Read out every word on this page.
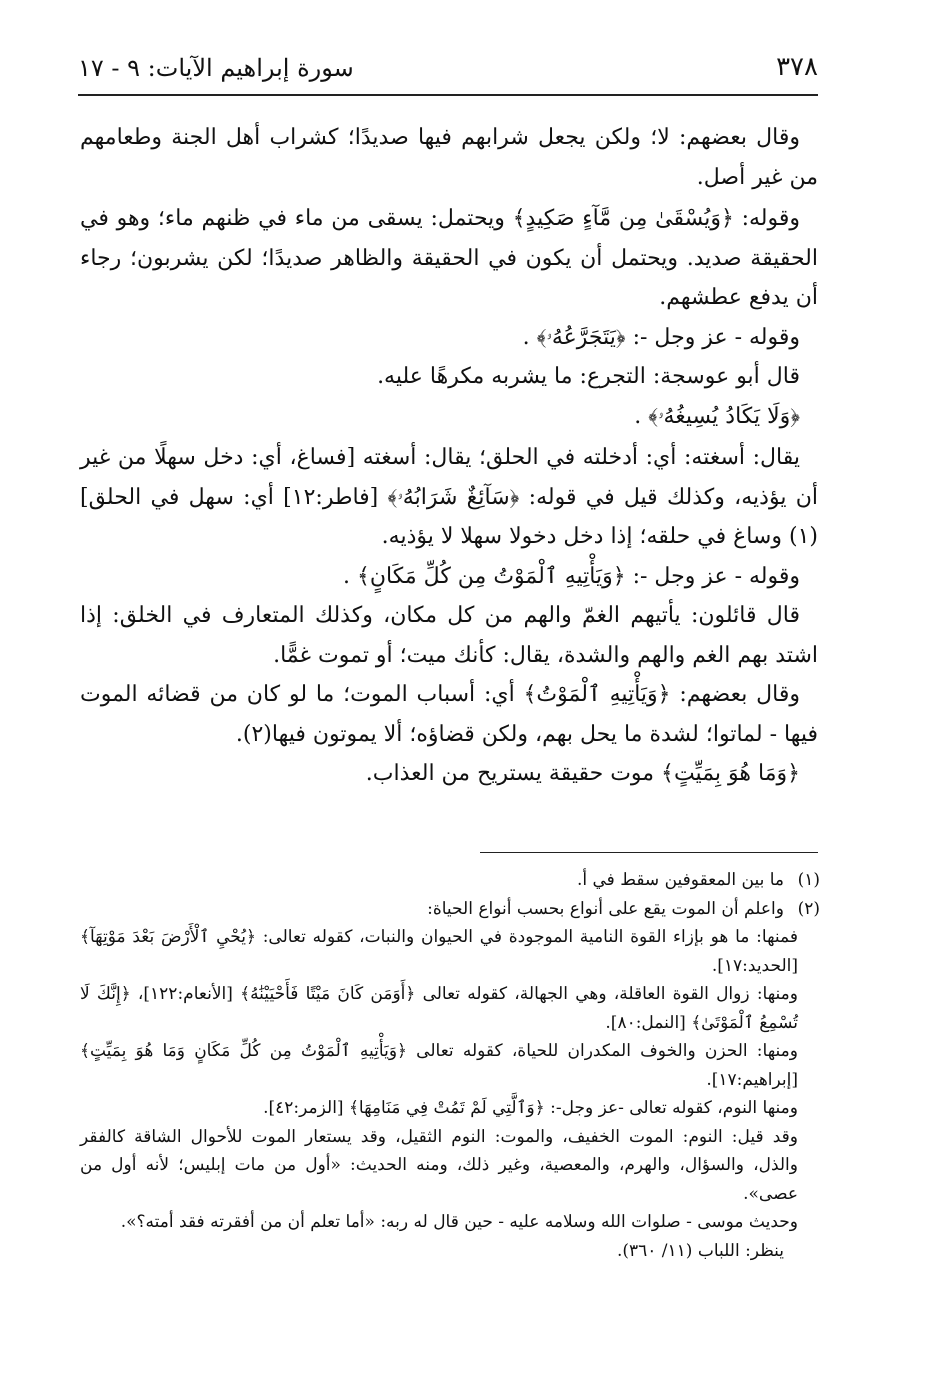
٣٧٨
سورة إبراهيم الآيات: ٩ - ١٧

وقال بعضهم: لا؛ ولكن يجعل شرابهم فيها صديدًا؛ كشراب أهل الجنة وطعامهم من غير أصل.

وقوله: ﴿وَيُسْقَىٰ مِن مَّآءٍ صَكِيدٍ﴾ ويحتمل: يسقى من ماء في ظنهم ماء؛ وهو في الحقيقة صديد. ويحتمل أن يكون في الحقيقة والظاهر صديدًا؛ لكن يشربون؛ رجاء أن يدفع عطشهم.

وقوله - عز وجل -: ﴿يَتَجَرَّعُهُۥ﴾ .

قال أبو عوسجة: التجرع: ما يشربه مكرهًا عليه.

﴿وَلَا يَكَادُ يُسِيغُهُۥ﴾ .

يقال: أسغته: أي: أدخلته في الحلق؛ يقال: أسغته [فساغ، أي: دخل سهلًا من غير أن يؤذيه، وكذلك قيل في قوله: ﴿سَآئِغٌ شَرَابُهُۥ﴾ [فاطر:١٢] أي: سهل في الحلق](١) وساغ في حلقه؛ إذا دخل دخولا سهلا لا يؤذيه.

وقوله - عز وجل -: ﴿وَيَأْتِيهِ ٱلْمَوْتُ مِن كُلِّ مَكَانٍ﴾ .

قال قائلون: يأتيهم الغمّ والهم من كل مكان، وكذلك المتعارف في الخلق: إذا اشتد بهم الغم والهم والشدة، يقال: كأنك ميت؛ أو تموت غمًّا.

وقال بعضهم: ﴿وَيَأْتِيهِ ٱلْمَوْتُ﴾ أي: أسباب الموت؛ ما لو كان من قضائه الموت فيها - لماتوا؛ لشدة ما يحل بهم، ولكن قضاؤه؛ ألا يموتون فيها(٢).

﴿وَمَا هُوَ بِمَيِّتٍ﴾ موت حقيقة يستريح من العذاب.

(١)ما بين المعقوفين سقط في أ.

(٢)واعلم أن الموت يقع على أنواع بحسب أنواع الحياة:

فمنها: ما هو بإزاء القوة النامية الموجودة في الحيوان والنبات، كقوله تعالى: ﴿يُحْيِ ٱلْأَرْضَ بَعْدَ مَوْتِهَآ﴾ [الحديد:١٧].

ومنها: زوال القوة العاقلة، وهي الجهالة، كقوله تعالى ﴿أَوَمَن كَانَ مَيْتًا فَأَحْيَيْنَٰهُ﴾ [الأنعام:١٢٢]، ﴿إِنَّكَ لَا تُسْمِعُ ٱلْمَوْتَىٰ﴾ [النمل:٨٠].

ومنها: الحزن والخوف المكدران للحياة، كقوله تعالى ﴿وَيَأْتِيهِ ٱلْمَوْتُ مِن كُلِّ مَكَانٍ وَمَا هُوَ بِمَيِّتٍ﴾ [إبراهيم:١٧].

ومنها النوم، كقوله تعالى -عز وجل-: ﴿وَٱلَّتِي لَمْ تَمُتْ فِي مَنَامِهَا﴾ [الزمر:٤٢].

وقد قيل: النوم: الموت الخفيف، والموت: النوم الثقيل، وقد يستعار الموت للأحوال الشاقة كالفقر والذل، والسؤال، والهرم، والمعصية، وغير ذلك، ومنه الحديث: «أول من مات إبليس؛ لأنه أول من عصى».

وحديث موسى - صلوات الله وسلامه عليه - حين قال له ربه: «أما تعلم أن من أفقرته فقد أمته؟».

ينظر: اللباب (١١/ ٣٦٠).
